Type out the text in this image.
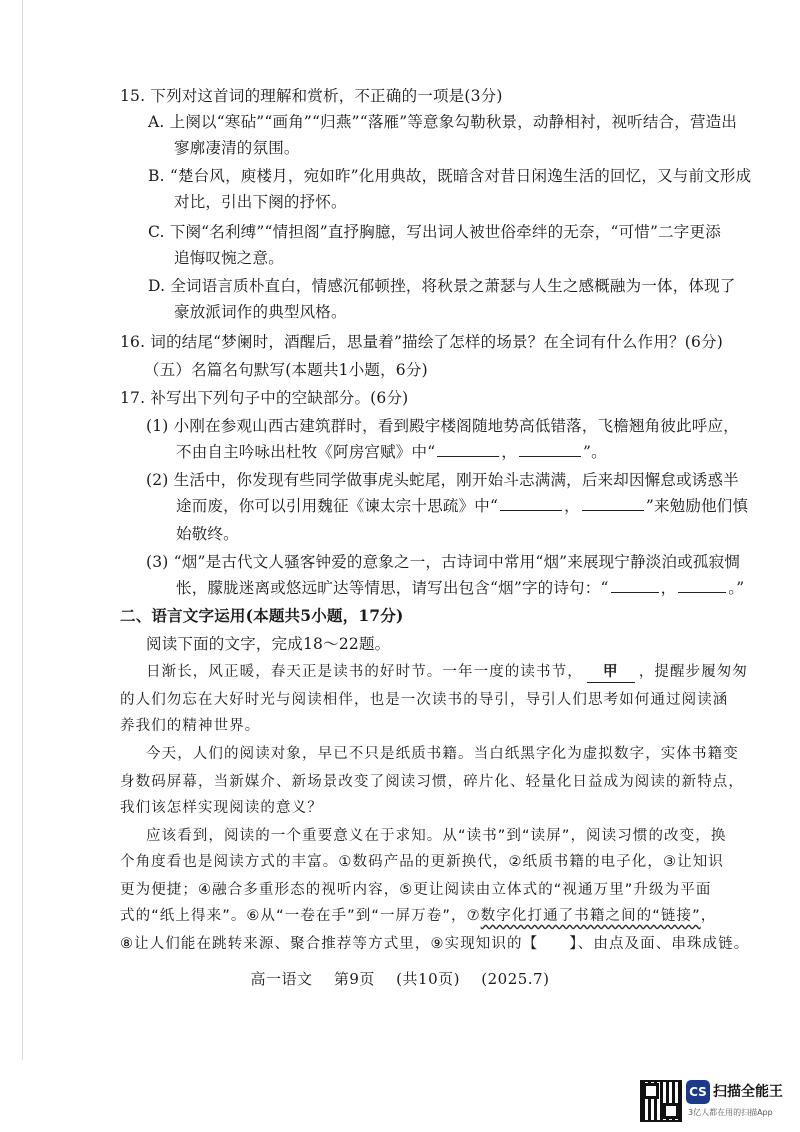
15. 下列对这首词的理解和赏析，不正确的一项是(3分)
A. 上阕以“寒砧”“画角”“归燕”“落雁”等意象勾勒秋景，动静相衬，视听结合，营造出
寥廓凄清的氛围。
B. “楚台风，庾楼月，宛如昨”化用典故，既暗含对昔日闲逸生活的回忆，又与前文形成
对比，引出下阕的抒怀。
C. 下阕“名利缚”“情担阁”直抒胸臆，写出词人被世俗牵绊的无奈，“可惜”二字更添
追悔叹惋之意。
D. 全词语言质朴直白，情感沉郁顿挫，将秋景之萧瑟与人生之感概融为一体，体现了
豪放派词作的典型风格。
16. 词的结尾“梦阑时，酒醒后，思量着”描绘了怎样的场景？在全词有什么作用？(6分)
（五）名篇名句默写(本题共1小题，6分)
17. 补写出下列句子中的空缺部分。(6分)
(1) 小刚在参观山西古建筑群时，看到殿宇楼阁随地势高低错落，飞檐翘角彼此呼应，
不由自主吟咏出杜牧《阿房宫赋》中“	，	”。
(2) 生活中，你发现有些同学做事虎头蛇尾，刚开始斗志满满，后来却因懈怠或诱惑半
途而废，你可以引用魏征《谏太宗十思疏》中“	，	”来勉励他们慎
始敬终。
(3) “烟”是古代文人骚客钟爱的意象之一，古诗词中常用“烟”来展现宁静淡泊或孤寂惆
怅，朦胧迷离或悠远旷达等情思，请写出包含“烟”字的诗句：“	，	。”
二、语言文字运用(本题共5小题，17分)
阅读下面的文字，完成18～22题。
日渐长，风正暖，春天正是读书的好时节。一年一度的读书节， 甲 ，提醒步履匆匆
的人们勿忘在大好时光与阅读相伴，也是一次读书的导引，导引人们思考如何通过阅读涵
养我们的精神世界。
今天，人们的阅读对象，早已不只是纸质书籍。当白纸黑字化为虚拟数字，实体书籍变
身数码屏幕，当新媒介、新场景改变了阅读习惯，碎片化、轻量化日益成为阅读的新特点，
我们该怎样实现阅读的意义？
应该看到，阅读的一个重要意义在于求知。从“读书”到“读屏”，阅读习惯的改变，换
个角度看也是阅读方式的丰富。①数码产品的更新换代，②纸质书籍的电子化，③让知识
更为便捷；④融合多重形态的视听内容，⑤更让阅读由立体式的“视通万里”升级为平面
式的“纸上得来”。⑥从“一卷在手”到“一屏万卷”，⑦数字化打通了书籍之间的“链接”，
⑧让人们能在跳转来源、聚合推荐等方式里，⑨实现知识的【　　】、由点及面、串珠成链。
高一语文 第9页 (共10页) (2025.7)
CS 扫描全能王
3亿人都在用的扫描App
